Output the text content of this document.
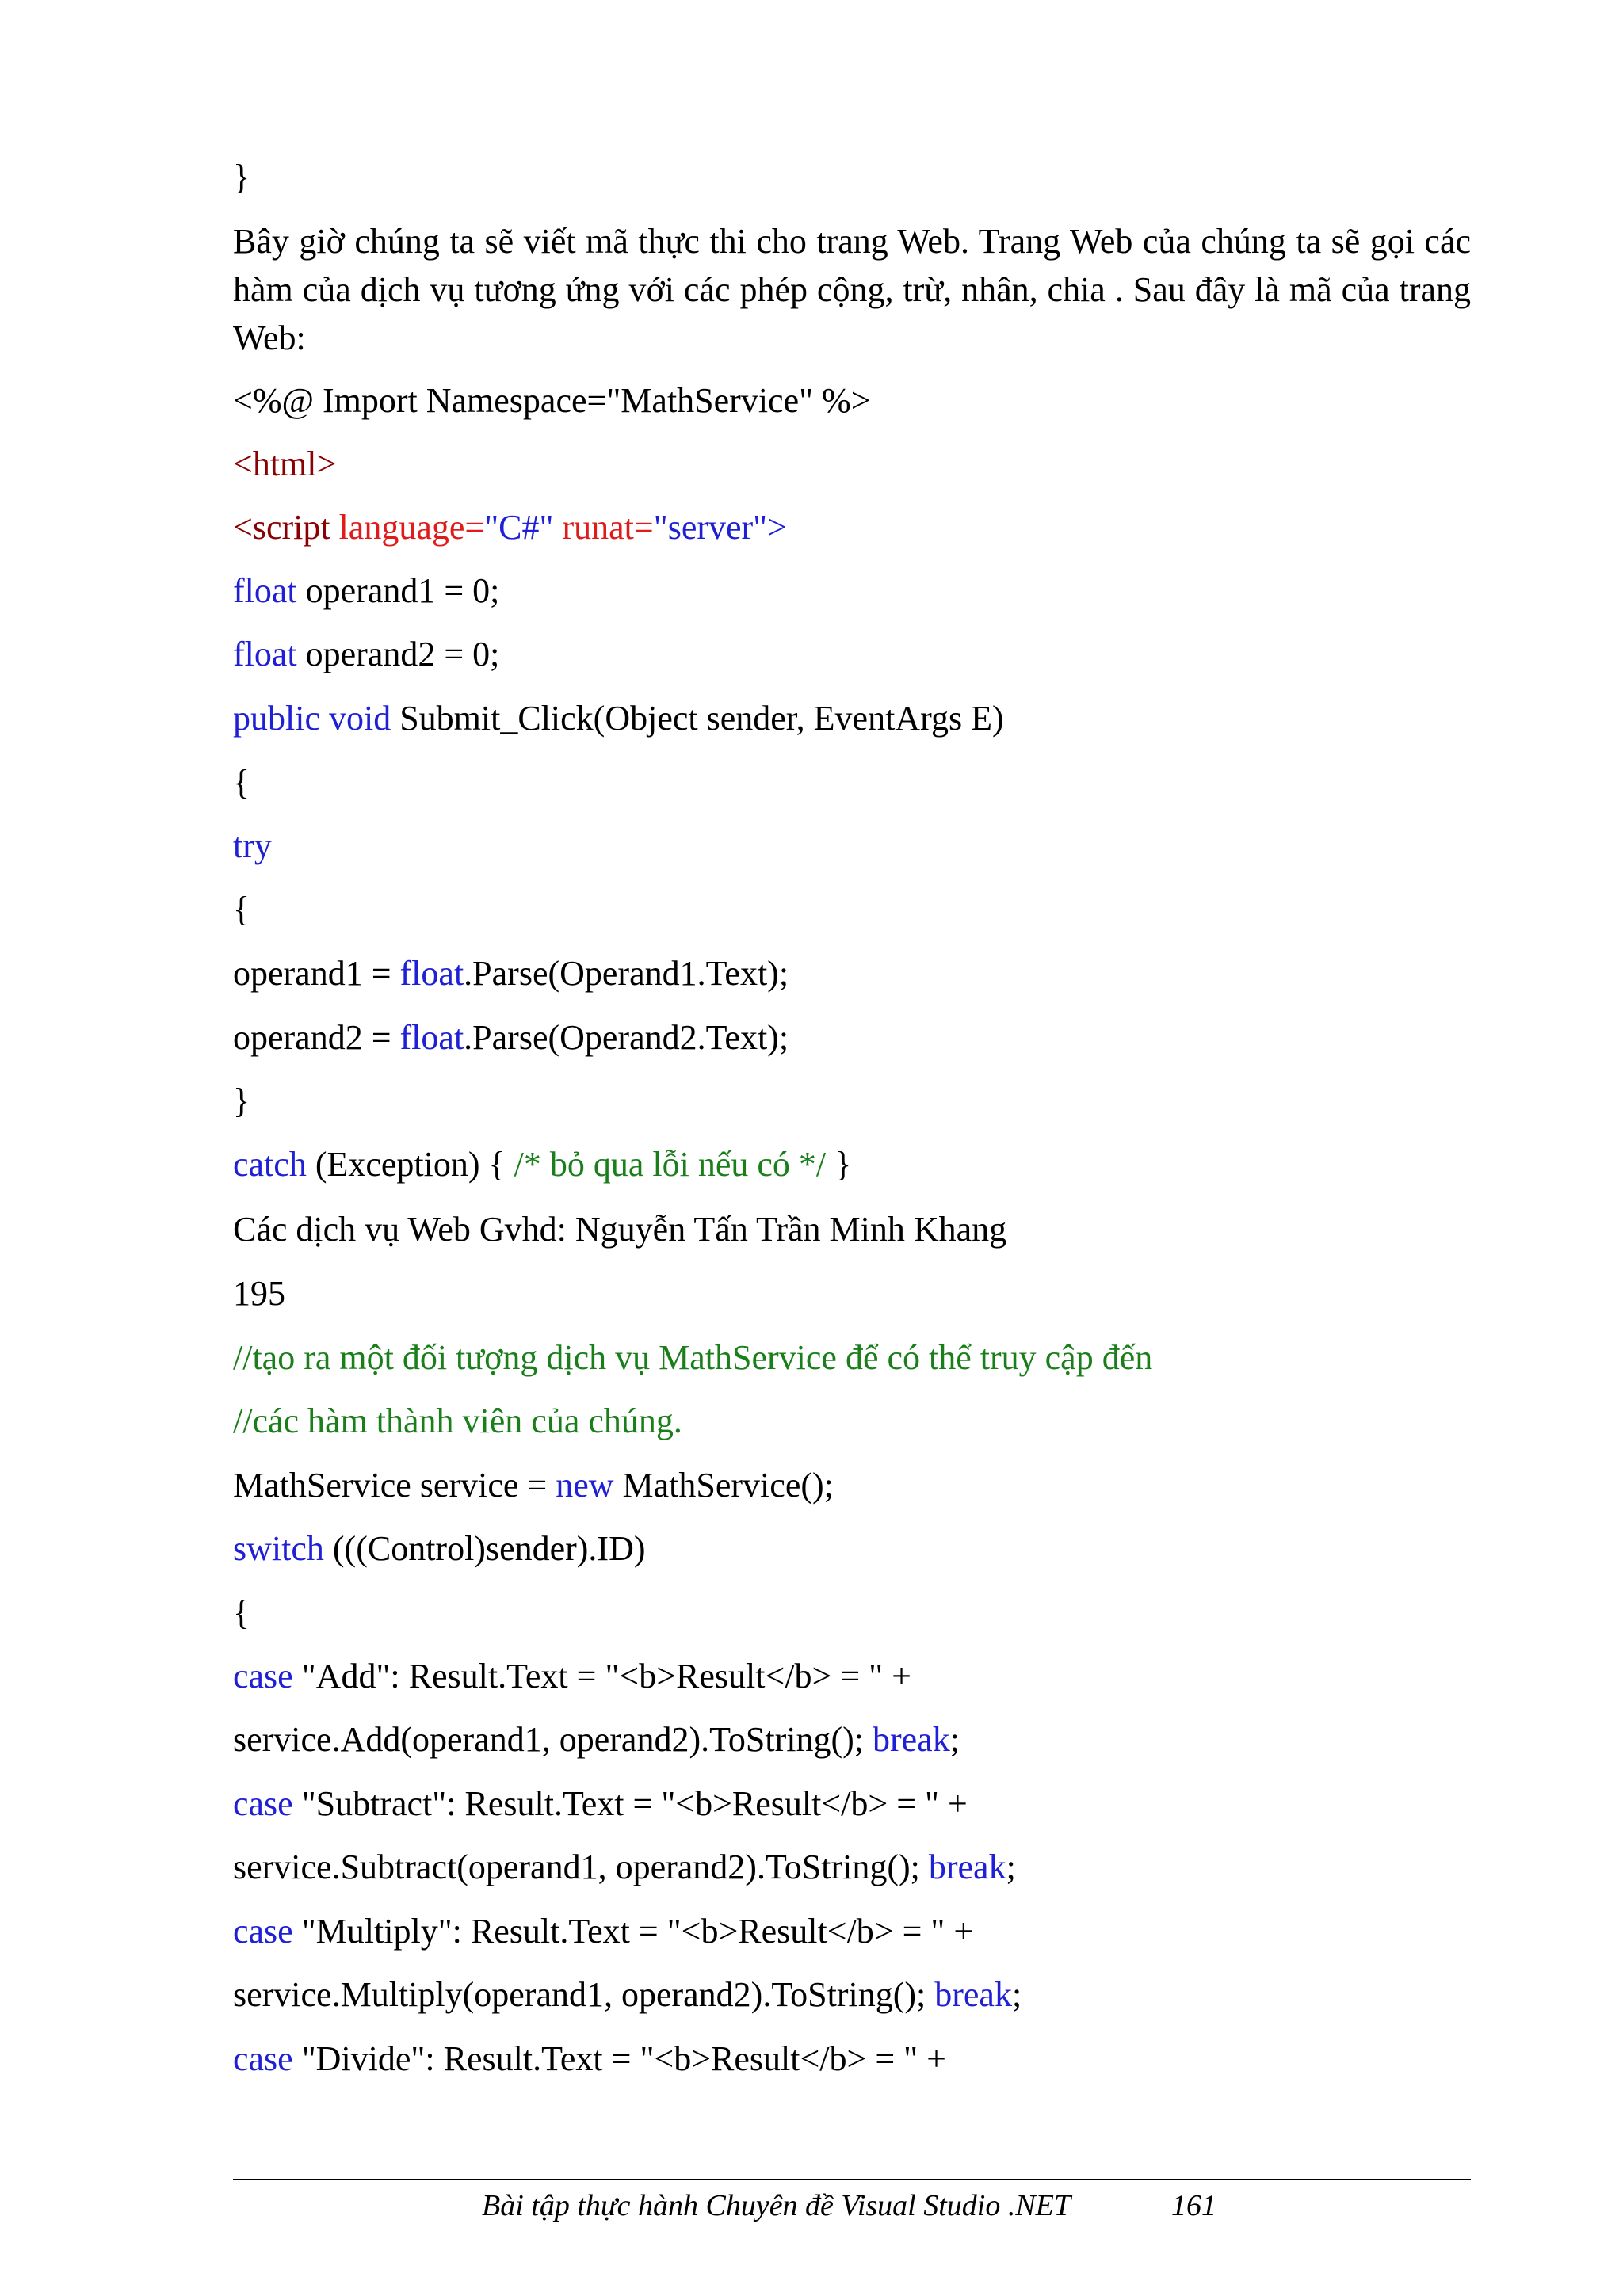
}
Bây giờ chúng ta sẽ viết mã thực thi cho trang Web. Trang Web của chúng ta sẽ gọi các hàm của dịch vụ tương ứng với các phép cộng, trừ, nhân, chia . Sau đây là mã của trang Web:
<%@ Import Namespace="MathService" %>
<html>
<script language="C#" runat="server">
float operand1 = 0;
float operand2 = 0;
public void Submit_Click(Object sender, EventArgs E)
{
try
{
operand1 = float.Parse(Operand1.Text);
operand2 = float.Parse(Operand2.Text);
}
catch (Exception) { /* bỏ qua lỗi nếu có */ }
Các dịch vụ Web Gvhd: Nguyễn Tấn Trần Minh Khang
195
//tạo ra một đối tượng dịch vụ MathService để có thể truy cập đến
//các hàm thành viên của chúng.
MathService service = new MathService();
switch (((Control)sender).ID)
{
case "Add": Result.Text = "<b>Result</b> = " +
service.Add(operand1, operand2).ToString(); break;
case "Subtract": Result.Text = "<b>Result</b> = " +
service.Subtract(operand1, operand2).ToString(); break;
case "Multiply": Result.Text = "<b>Result</b> = " +
service.Multiply(operand1, operand2).ToString(); break;
case "Divide": Result.Text = "<b>Result</b> = " +
Bài tập thực hành Chuyên đề Visual Studio .NET	161
